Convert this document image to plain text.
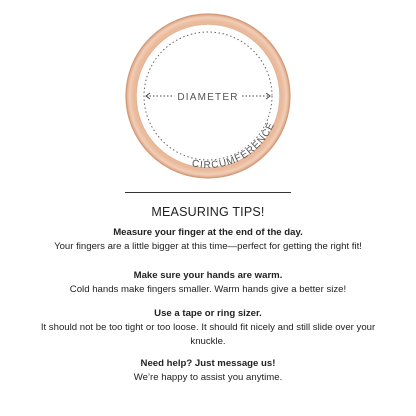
DIAMETER
CIRCUMFERENCE
MEASURING TIPS!
Measure your finger at the end of the day.
Your fingers are a little bigger at this time—perfect for getting the right fit!
Make sure your hands are warm.
Cold hands make fingers smaller. Warm hands give a better size!
Use a tape or ring sizer.
It should not be too tight or too loose. It should fit nicely and still slide over your knuckle.
Need help? Just message us!
We’re happy to assist you anytime.
